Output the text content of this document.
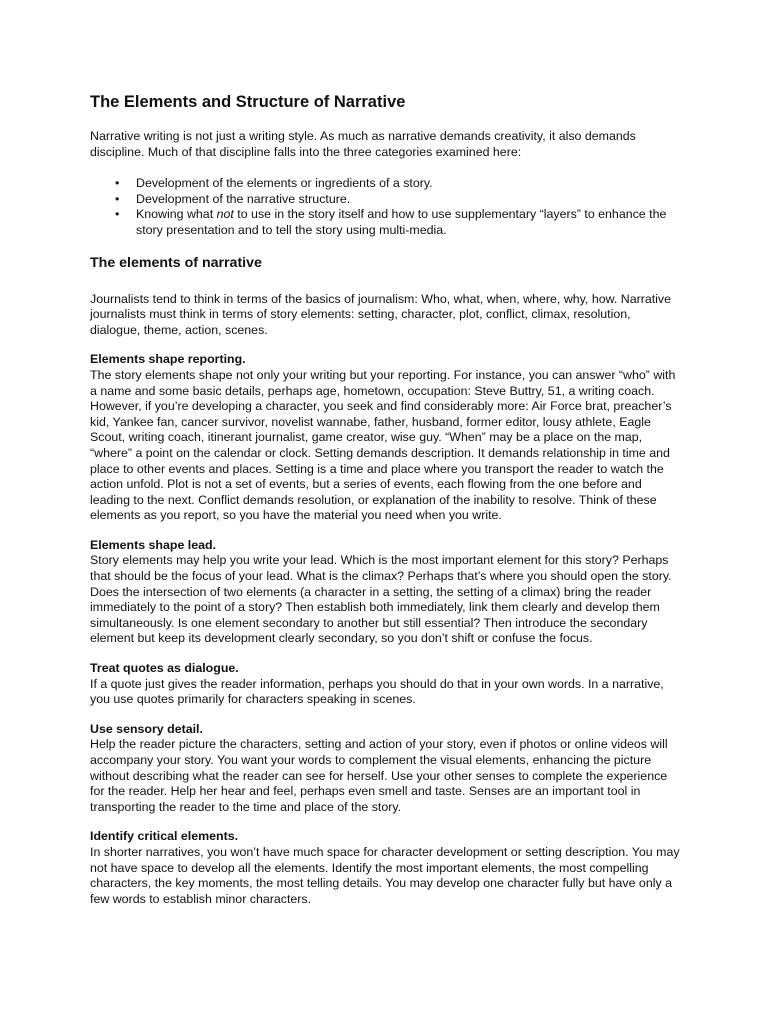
The Elements and Structure of Narrative

Narrative writing is not just a writing style. As much as narrative demands creativity, it also demands discipline. Much of that discipline falls into the three categories examined here:

• Development of the elements or ingredients of a story.
• Development of the narrative structure.
• Knowing what not to use in the story itself and how to use supplementary “layers” to enhance the story presentation and to tell the story using multi-media.
The elements of narrative

Journalists tend to think in terms of the basics of journalism: Who, what, when, where, why, how. Narrative journalists must think in terms of story elements: setting, character, plot, conflict, climax, resolution, dialogue, theme, action, scenes.

Elements shape reporting.

The story elements shape not only your writing but your reporting. For instance, you can answer “who” with a name and some basic details, perhaps age, hometown, occupation: Steve Buttry, 51, a writing coach. However, if you’re developing a character, you seek and find considerably more: Air Force brat, preacher’s kid, Yankee fan, cancer survivor, novelist wannabe, father, husband, former editor, lousy athlete, Eagle Scout, writing coach, itinerant journalist, game creator, wise guy. “When” may be a place on the map, “where” a point on the calendar or clock. Setting demands description. It demands relationship in time and place to other events and places. Setting is a time and place where you transport the reader to watch the action unfold. Plot is not a set of events, but a series of events, each flowing from the one before and leading to the next. Conflict demands resolution, or explanation of the inability to resolve. Think of these elements as you report, so you have the material you need when you write.

Elements shape lead.

Story elements may help you write your lead. Which is the most important element for this story? Perhaps that should be the focus of your lead. What is the climax? Perhaps that’s where you should open the story. Does the intersection of two elements (a character in a setting, the setting of a climax) bring the reader immediately to the point of a story? Then establish both immediately, link them clearly and develop them simultaneously. Is one element secondary to another but still essential? Then introduce the secondary element but keep its development clearly secondary, so you don’t shift or confuse the focus.

Treat quotes as dialogue.

If a quote just gives the reader information, perhaps you should do that in your own words. In a narrative, you use quotes primarily for characters speaking in scenes.

Use sensory detail.

Help the reader picture the characters, setting and action of your story, even if photos or online videos will accompany your story. You want your words to complement the visual elements, enhancing the picture without describing what the reader can see for herself. Use your other senses to complete the experience for the reader. Help her hear and feel, perhaps even smell and taste. Senses are an important tool in transporting the reader to the time and place of the story.

Identify critical elements.

In shorter narratives, you won’t have much space for character development or setting description. You may not have space to develop all the elements. Identify the most important elements, the most compelling characters, the key moments, the most telling details. You may develop one character fully but have only a few words to establish minor characters.
